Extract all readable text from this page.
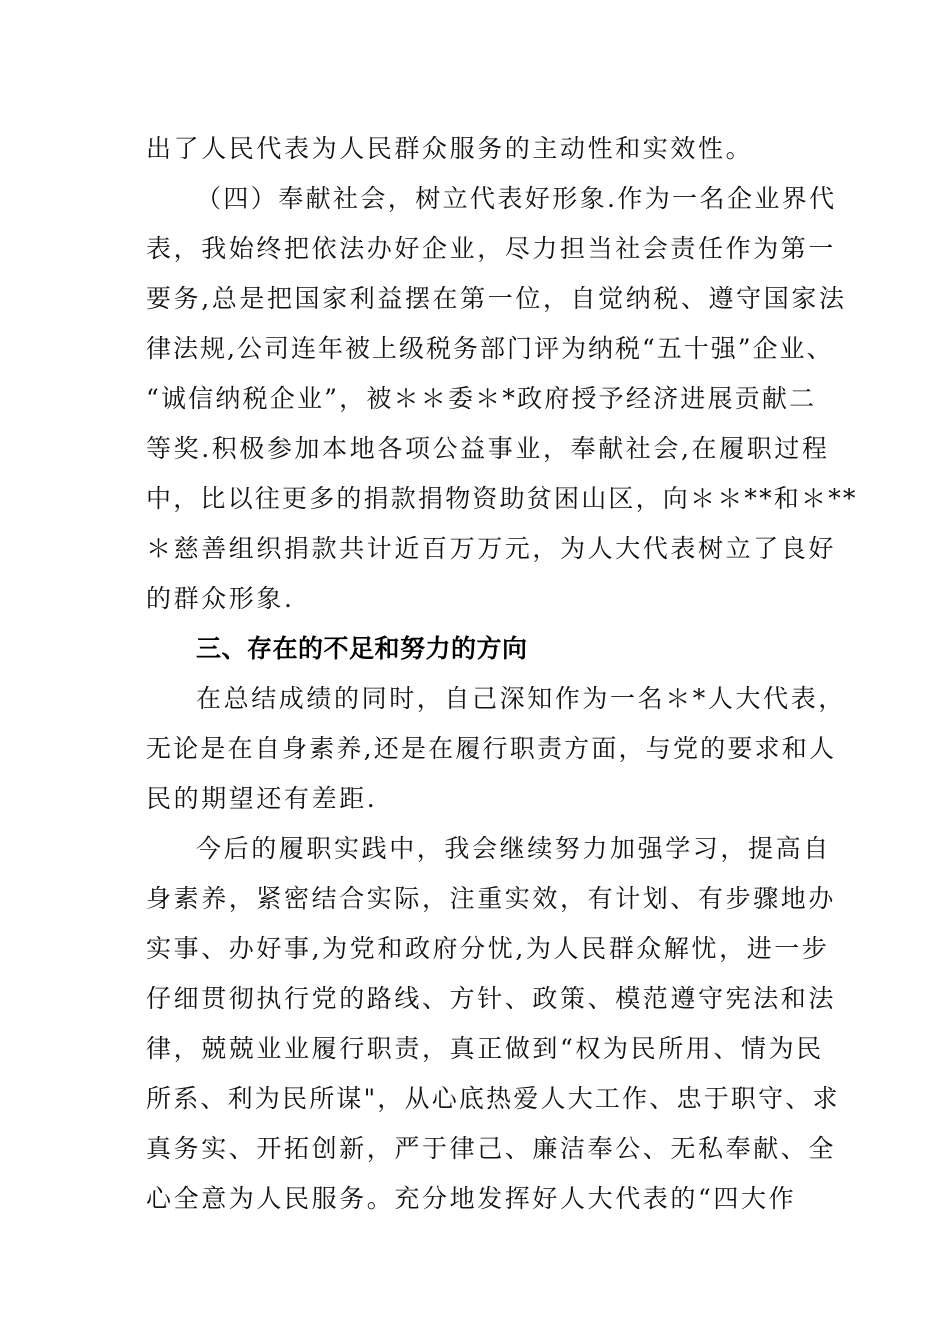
出了人民代表为人民群众服务的主动性和实效性。
（四）奉献社会，树立代表好形象.作为一名企业界代
表，我始终把依法办好企业，尽力担当社会责任作为第一
要务,总是把国家利益摆在第一位，自觉纳税、遵守国家法
律法规,公司连年被上级税务部门评为纳税“五十强”企业、
“诚信纳税企业”，被＊＊委＊*政府授予经济进展贡献二
等奖.积极参加本地各项公益事业，奉献社会,在履职过程
中，比以往更多的捐款捐物资助贫困山区，向＊＊**和＊**
＊慈善组织捐款共计近百万万元，为人大代表树立了良好
的群众形象.
三、存在的不足和努力的方向
在总结成绩的同时，自己深知作为一名＊*人大代表，
无论是在自身素养,还是在履行职责方面，与党的要求和人
民的期望还有差距.
今后的履职实践中，我会继续努力加强学习，提高自
身素养，紧密结合实际，注重实效，有计划、有步骤地办
实事、办好事,为党和政府分忧,为人民群众解忧，进一步
仔细贯彻执行党的路线、方针、政策、模范遵守宪法和法
律，兢兢业业履行职责，真正做到“权为民所用、情为民
所系、利为民所谋"，从心底热爱人大工作、忠于职守、求
真务实、开拓创新，严于律己、廉洁奉公、无私奉献、全
心全意为人民服务。充分地发挥好人大代表的“四大作
